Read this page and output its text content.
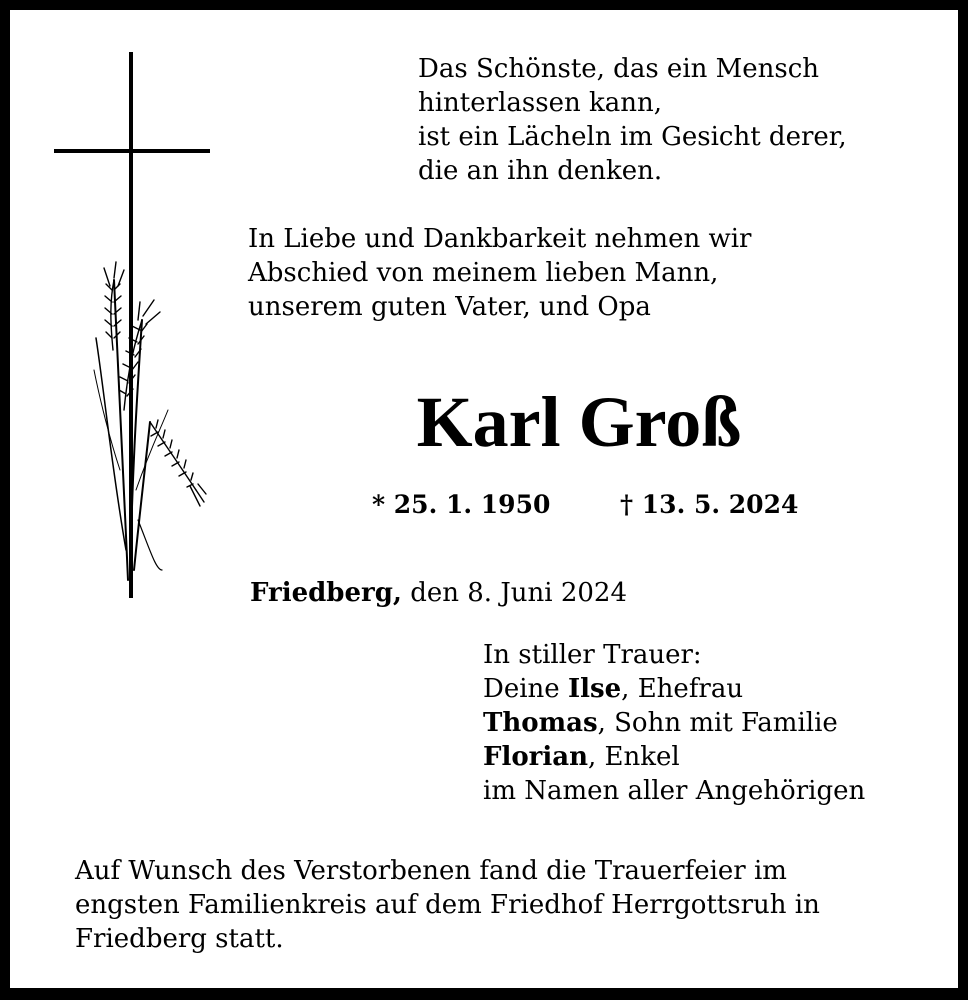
Das Schönste, das ein Mensch
hinterlassen kann,
ist ein Lächeln im Gesicht derer,
die an ihn denken.
In Liebe und Dankbarkeit nehmen wir
Abschied von meinem lieben Mann,
unserem guten Vater, und Opa
Karl Groß
* 25. 1. 1950	† 13. 5. 2024
Friedberg, den 8. Juni 2024
In stiller Trauer:
Deine Ilse, Ehefrau
Thomas, Sohn mit Familie
Florian, Enkel
im Namen aller Angehörigen
Auf Wunsch des Verstorbenen fand die Trauerfeier im
engsten Familienkreis auf dem Friedhof Herrgottsruh in
Friedberg statt.
